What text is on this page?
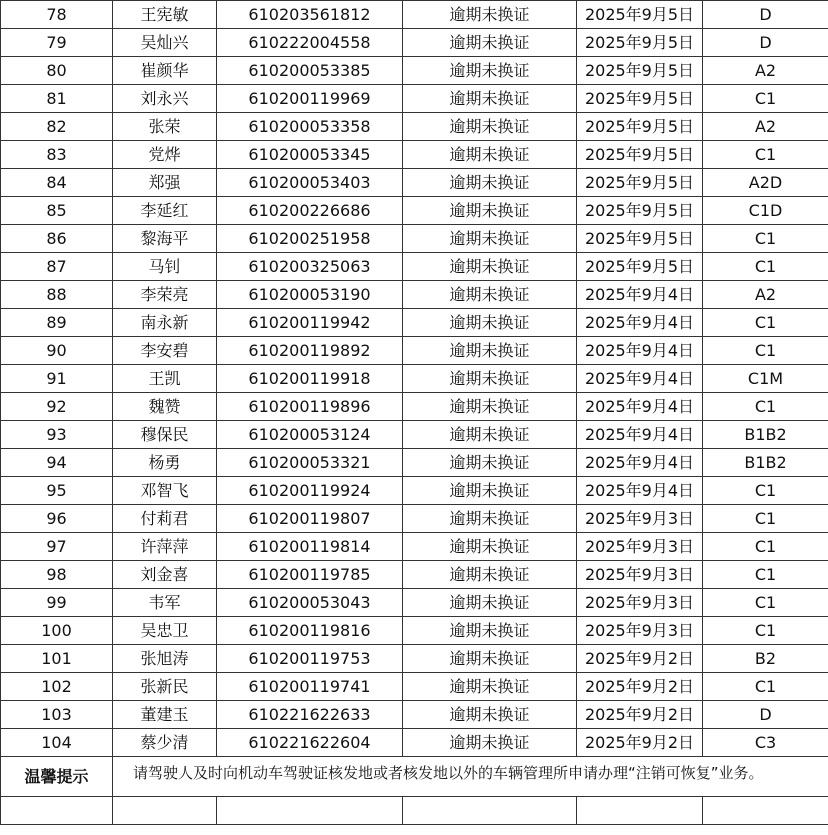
78	王宪敏	610203561812	逾期未换证	2025年9月5日	D
79	吴灿兴	610222004558	逾期未换证	2025年9月5日	D
80	崔颜华	610200053385	逾期未换证	2025年9月5日	A2
81	刘永兴	610200119969	逾期未换证	2025年9月5日	C1
82	张荣	610200053358	逾期未换证	2025年9月5日	A2
83	党烨	610200053345	逾期未换证	2025年9月5日	C1
84	郑强	610200053403	逾期未换证	2025年9月5日	A2D
85	李延红	610200226686	逾期未换证	2025年9月5日	C1D
86	黎海平	610200251958	逾期未换证	2025年9月5日	C1
87	马钊	610200325063	逾期未换证	2025年9月5日	C1
88	李荣亮	610200053190	逾期未换证	2025年9月4日	A2
89	南永新	610200119942	逾期未换证	2025年9月4日	C1
90	李安碧	610200119892	逾期未换证	2025年9月4日	C1
91	王凯	610200119918	逾期未换证	2025年9月4日	C1M
92	魏赞	610200119896	逾期未换证	2025年9月4日	C1
93	穆保民	610200053124	逾期未换证	2025年9月4日	B1B2
94	杨勇	610200053321	逾期未换证	2025年9月4日	B1B2
95	邓智飞	610200119924	逾期未换证	2025年9月4日	C1
96	付莉君	610200119807	逾期未换证	2025年9月3日	C1
97	许萍萍	610200119814	逾期未换证	2025年9月3日	C1
98	刘金喜	610200119785	逾期未换证	2025年9月3日	C1
99	韦军	610200053043	逾期未换证	2025年9月3日	C1
100	吴忠卫	610200119816	逾期未换证	2025年9月3日	C1
101	张旭涛	610200119753	逾期未换证	2025年9月2日	B2
102	张新民	610200119741	逾期未换证	2025年9月2日	C1
103	董建玉	610221622633	逾期未换证	2025年9月2日	D
104	蔡少清	610221622604	逾期未换证	2025年9月2日	C3
温馨提示	请驾驶人及时向机动车驾驶证核发地或者核发地以外的车辆管理所申请办理“注销可恢复”业务。				
